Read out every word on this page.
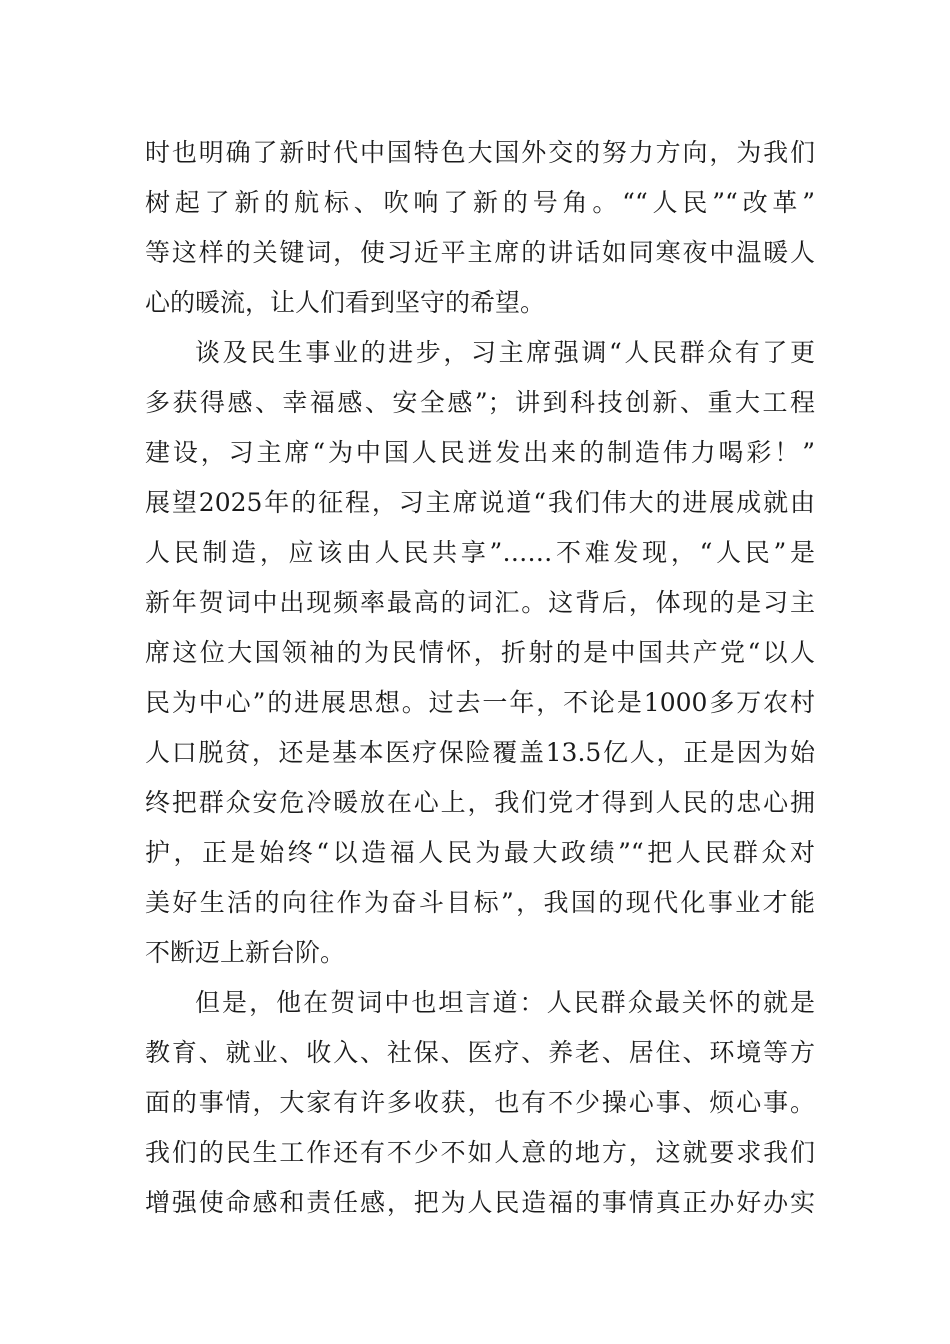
时也明确了新时代中国特色大国外交的努力方向，为我们
树起了新的航标、吹响了新的号角。““人民”“改革”
等这样的关键词，使习近平主席的讲话如同寒夜中温暖人
心的暖流，让人们看到坚守的希望。
谈及民生事业的进步，习主席强调“人民群众有了更
多获得感、幸福感、安全感”；讲到科技创新、重大工程
建设，习主席“为中国人民迸发出来的制造伟力喝彩！”
展望2025年的征程，习主席说道“我们伟大的进展成就由
人民制造，应该由人民共享”……不难发现，“人民”是
新年贺词中出现频率最高的词汇。这背后，体现的是习主
席这位大国领袖的为民情怀，折射的是中国共产党“以人
民为中心”的进展思想。过去一年，不论是1000多万农村
人口脱贫，还是基本医疗保险覆盖13.5亿人，正是因为始
终把群众安危冷暖放在心上，我们党才得到人民的忠心拥
护，正是始终“以造福人民为最大政绩”“把人民群众对
美好生活的向往作为奋斗目标”，我国的现代化事业才能
不断迈上新台阶。
但是，他在贺词中也坦言道：人民群众最关怀的就是
教育、就业、收入、社保、医疗、养老、居住、环境等方
面的事情，大家有许多收获，也有不少操心事、烦心事。
我们的民生工作还有不少不如人意的地方，这就要求我们
增强使命感和责任感，把为人民造福的事情真正办好办实
